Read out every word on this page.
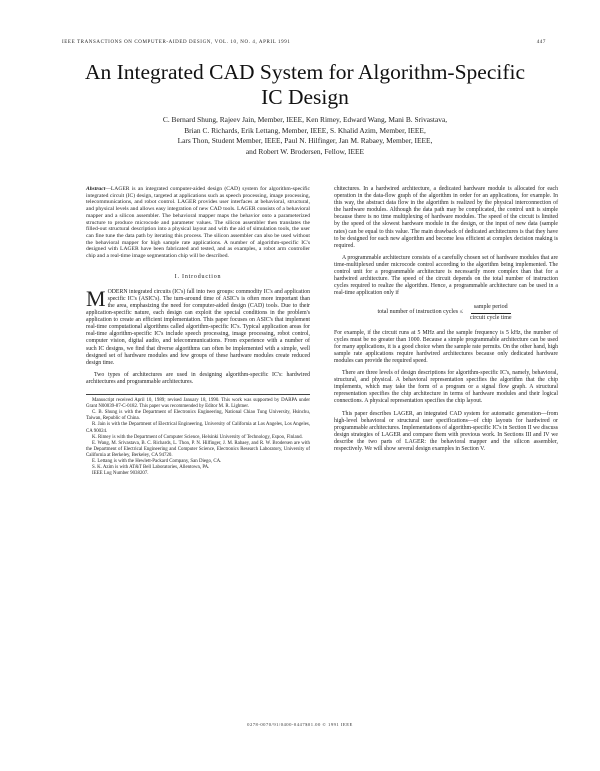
IEEE TRANSACTIONS ON COMPUTER-AIDED DESIGN, VOL. 10, NO. 4, APRIL 1991	447
An Integrated CAD System for Algorithm-Specific
IC Design
C. Bernard Shung, Rajeev Jain, Member, IEEE, Ken Rimey, Edward Wang, Mani B. Srivastava,
Brian C. Richards, Erik Lettang, Member, IEEE, S. Khalid Azim, Member, IEEE,
Lars Thon, Student Member, IEEE, Paul N. Hilfinger, Jan M. Rabaey, Member, IEEE,
and Robert W. Brodersen, Fellow, IEEE
Abstract—LAGER is an integrated computer-aided design (CAD) system for algorithm-specific integrated circuit (IC) design, targeted at applications such as speech processing, image processing, telecommunications, and robot control. LAGER provides user interfaces at behavioral, structural, and physical levels and allows easy integration of new CAD tools. LAGER consists of a behavioral mapper and a silicon assembler. The behavioral mapper maps the behavior onto a parameterized structure to produce microcode and parameter values. The silicon assembler then translates the filled-out structural description into a physical layout and with the aid of simulation tools, the user can fine tune the data path by iterating this process. The silicon assembler can also be used without the behavioral mapper for high sample rate applications. A number of algorithm-specific IC's designed with LAGER have been fabricated and tested, and as examples, a robot arm controller chip and a real-time image segmentation chip will be described.
I. Introduction

MODERN integrated circuits (IC's) fall into two groups: commodity IC's and application specific IC's (ASIC's). The turn-around time of ASIC's is often more important than the area, emphasizing the need for computer-aided design (CAD) tools. Due to their application-specific nature, each design can exploit the special conditions in the problem's application to create an efficient implementation. This paper focuses on ASIC's that implement real-time computational algorithms called algorithm-specific IC's. Typical application areas for real-time algorithm-specific IC's include speech processing, image processing, robot control, computer vision, digital audio, and telecommunications. From experience with a number of such IC designs, we find that diverse algorithms can often be implemented with a simple, well designed set of hardware modules and few groups of these hardware modules create reduced design time.

Two types of architectures are used in designing algorithm-specific IC's: hardwired architectures and programmable architectures.

Manuscript received April 10, 1989; revised January 18, 1990. This work was supported by DARPA under Grant N00039-87-C-0182. This paper was recommended by Editor M. R. Lightner.
C. B. Shung is with the Department of Electronics Engineering, National Chiao Tung University, Hsinchu, Taiwan, Republic of China.
R. Jain is with the Department of Electrical Engineering, University of California at Los Angeles, Los Angeles, CA 90024.
K. Rimey is with the Department of Computer Science, Helsinki University of Technology, Espoo, Finland.
E. Wang, M. Srivastava, B. C. Richards, L. Thon, P. N. Hilfinger, J. M. Rabaey, and R. W. Brodersen are with the Department of Electrical Engineering and Computer Science, Electronics Research Laboratory, University of California at Berkeley, Berkeley, CA 94720.
E. Lettang is with the Hewlett-Packard Company, San Diego, CA.
S. K. Azim is with AT&T Bell Laboratories, Allentown, PA.
IEEE Log Number 9038207.

chitectures. In a hardwired architecture, a dedicated hardware module is allocated for each operation in the data-flow graph of the algorithm in order for an applications, for example. In this way, the abstract data flow in the algorithm is realized by the physical interconnection of the hardware modules. Although the data path may be complicated, the control unit is simple because there is no time multiplexing of hardware modules. The speed of the circuit is limited by the speed of the slowest hardware module in the design, or the input of new data (sample rates) can be equal to this value. The main drawback of dedicated architectures is that they have to be designed for each new algorithm and become less efficient at complex decision making is required.

A programmable architecture consists of a carefully chosen set of hardware modules that are time-multiplexed under microcode control according to the algorithm being implemented. The control unit for a programmable architecture is necessarily more complex than that for a hardwired architecture. The speed of the circuit depends on the total number of instruction cycles required to realize the algorithm. Hence, a programmable architecture can be used in a real-time application only if

total number of instruction cycles ≤ $\frac{\text{sample period}}{\text{circuit cycle time}}$

For example, if the circuit runs at 5 MHz and the sample frequency is 5 kHz, the number of cycles must be no greater than 1000. Because a simple programmable architecture can be used for many applications, it is a good choice when the sample rate permits. On the other hand, high sample rate applications require hardwired architectures because only dedicated hardware modules can provide the required speed.

There are three levels of design descriptions for algorithm-specific IC's, namely, behavioral, structural, and physical. A behavioral representation specifies the algorithm that the chip implements, which may take the form of a program or a signal flow graph. A structural representation specifies the chip architecture in terms of hardware modules and their logical connections. A physical representation specifies the chip layout.

This paper describes LAGER, an integrated CAD system for automatic generation—from high-level behavioral or structural user specifications—of chip layouts for hardwired or programmable architectures. Implementations of algorithm-specific IC's in Section II we discuss design strategies of LAGER and compare them with previous work. In Sections III and IV we describe the two parts of LAGER: the behavioral mapper and the silicon assembler, respectively. We will show several design examples in Section V.

0278-0070/91/0400-0447$01.00 © 1991 IEEE
